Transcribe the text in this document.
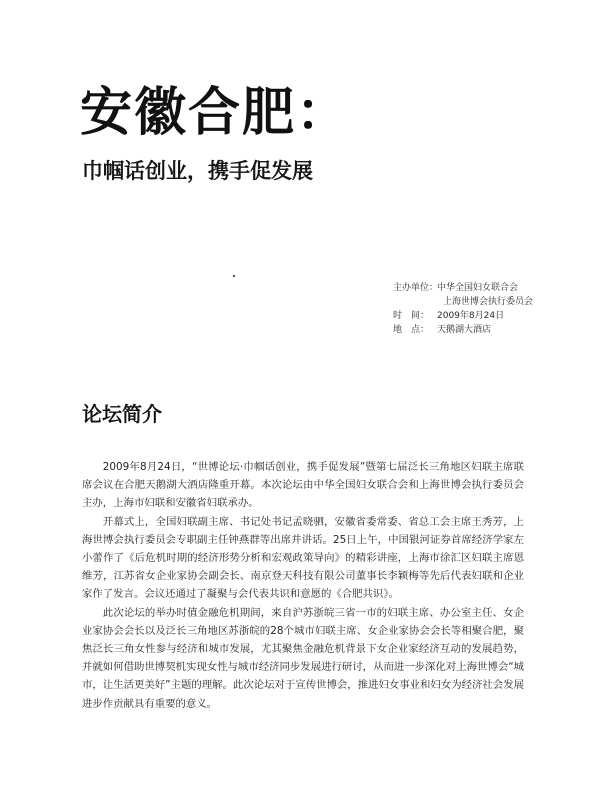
安徽合肥：
巾帼话创业，携手促发展
主办单位：
中华全国妇女联合会
上海世博会执行委员会
时　间： 2009年8月24日
地　点： 天鹅湖大酒店
论坛简介

2009年8月24日，“世博论坛·巾帼话创业，携手促发展”暨第七届泛长三角地区妇联主席联席会议在合肥天鹅湖大酒店隆重开幕。本次论坛由中华全国妇女联合会和上海世博会执行委员会主办，上海市妇联和安徽省妇联承办。

开幕式上，全国妇联副主席、书记处书记孟晓驷，安徽省委常委、省总工会主席王秀芳，上海世博会执行委员会专职副主任钟燕群等出席并讲话。25日上午，中国银河证券首席经济学家左小蕾作了《后危机时期的经济形势分析和宏观政策导向》的精彩讲座，上海市徐汇区妇联主席恩维芳，江苏省女企业家协会副会长、南京登天科技有限公司董事长李颖梅等先后代表妇联和企业家作了发言。会议还通过了凝聚与会代表共识和意愿的《合肥共识》。

此次论坛的举办时值金融危机期间，来自沪苏浙皖三省一市的妇联主席、办公室主任、女企业家协会会长以及泛长三角地区苏浙皖的28个城市妇联主席、女企业家协会会长等相聚合肥，聚焦泛长三角女性参与经济和城市发展，尤其聚焦金融危机背景下女企业家经济互动的发展趋势，并就如何借助世博契机实现女性与城市经济同步发展进行研讨，从而进一步深化对上海世博会“城市，让生活更美好”主题的理解。此次论坛对于宣传世博会，推进妇女事业和妇女为经济社会发展进步作贡献具有重要的意义。
